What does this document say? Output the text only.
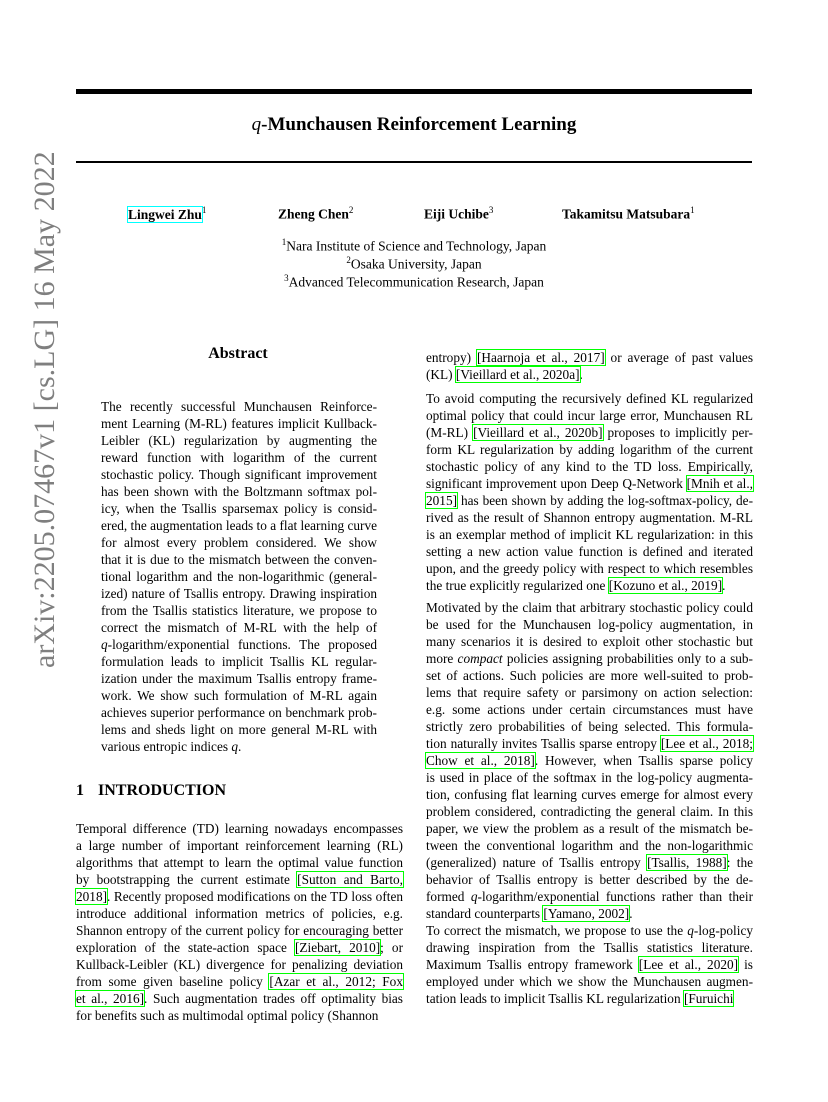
arXiv:2205.07467v1 [cs.LG] 16 May 2022
q-Munchausen Reinforcement Learning
Lingwei Zhu$^1$	Zheng Chen$^2$	Eiji Uchibe$^3$	Takamitsu Matsubara$^1$
$^1$Nara Institute of Science and Technology, Japan
$^2$Osaka University, Japan
$^3$Advanced Telecommunication Research, Japan
Abstract
The recently successful Munchausen Reinforce-
ment Learning (M-RL) features implicit Kullback-
Leibler (KL) regularization by augmenting the
reward function with logarithm of the current
stochastic policy. Though significant improvement
has been shown with the Boltzmann softmax pol-
icy, when the Tsallis sparsemax policy is consid-
ered, the augmentation leads to a flat learning curve
for almost every problem considered. We show
that it is due to the mismatch between the conven-
tional logarithm and the non-logarithmic (general-
ized) nature of Tsallis entropy. Drawing inspiration
from the Tsallis statistics literature, we propose to
correct the mismatch of M-RL with the help of
q-logarithm/exponential functions. The proposed
formulation leads to implicit Tsallis KL regular-
ization under the maximum Tsallis entropy frame-
work. We show such formulation of M-RL again
achieves superior performance on benchmark prob-
lems and sheds light on more general M-RL with
various entropic indices q.
1 INTRODUCTION
Temporal difference (TD) learning nowadays encompasses
a large number of important reinforcement learning (RL)
algorithms that attempt to learn the optimal value function
by bootstrapping the current estimate [Sutton and Barto,
2018]. Recently proposed modifications on the TD loss often
introduce additional information metrics of policies, e.g.
Shannon entropy of the current policy for encouraging better
exploration of the state-action space [Ziebart, 2010]; or
Kullback-Leibler (KL) divergence for penalizing deviation
from some given baseline policy [Azar et al., 2012; Fox
et al., 2016]. Such augmentation trades off optimality bias
for benefits such as multimodal optimal policy (Shannon
entropy) [Haarnoja et al., 2017] or average of past values
(KL) [Vieillard et al., 2020a].
To avoid computing the recursively defined KL regularized
optimal policy that could incur large error, Munchausen RL
(M-RL) [Vieillard et al., 2020b] proposes to implicitly per-
form KL regularization by adding logarithm of the current
stochastic policy of any kind to the TD loss. Empirically,
significant improvement upon Deep Q-Network [Mnih et al.,
2015] has been shown by adding the log-softmax-policy, de-
rived as the result of Shannon entropy augmentation. M-RL
is an exemplar method of implicit KL regularization: in this
setting a new action value function is defined and iterated
upon, and the greedy policy with respect to which resembles
the true explicitly regularized one [Kozuno et al., 2019].
Motivated by the claim that arbitrary stochastic policy could
be used for the Munchausen log-policy augmentation, in
many scenarios it is desired to exploit other stochastic but
more compact policies assigning probabilities only to a sub-
set of actions. Such policies are more well-suited to prob-
lems that require safety or parsimony on action selection:
e.g. some actions under certain circumstances must have
strictly zero probabilities of being selected. This formula-
tion naturally invites Tsallis sparse entropy [Lee et al., 2018;
Chow et al., 2018]. However, when Tsallis sparse policy
is used in place of the softmax in the log-policy augmenta-
tion, confusing flat learning curves emerge for almost every
problem considered, contradicting the general claim. In this
paper, we view the problem as a result of the mismatch be-
tween the conventional logarithm and the non-logarithmic
(generalized) nature of Tsallis entropy [Tsallis, 1988]: the
behavior of Tsallis entropy is better described by the de-
formed q-logarithm/exponential functions rather than their
standard counterparts [Yamano, 2002].
To correct the mismatch, we propose to use the q-log-policy
drawing inspiration from the Tsallis statistics literature.
Maximum Tsallis entropy framework [Lee et al., 2020] is
employed under which we show the Munchausen augmen-
tation leads to implicit Tsallis KL regularization [Furuichi
